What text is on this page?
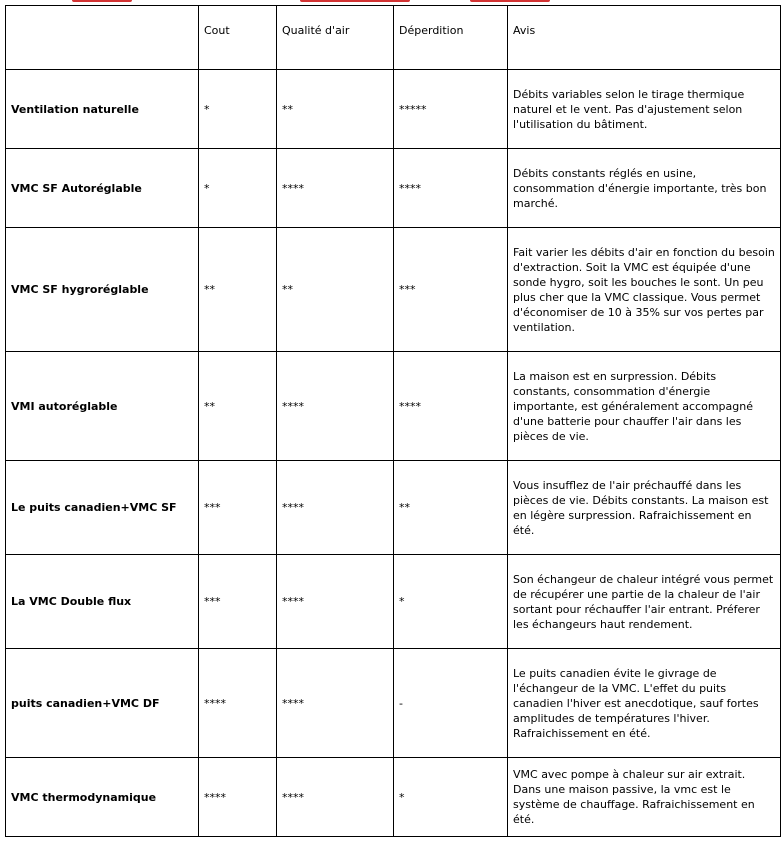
	Cout	Qualité d'air	Déperdition	Avis
Ventilation naturelle	*	**	*****	Débits variables selon le tirage thermique naturel et le vent. Pas d'ajustement selon l'utilisation du bâtiment.
VMC SF Autoréglable	*	****	****	Débits constants réglés en usine, consommation d'énergie importante, très bon marché.
VMC SF hygroréglable	**	**	***	Fait varier les débits d'air en fonction du besoin d'extraction. Soit la VMC est équipée d'une sonde hygro, soit les bouches le sont. Un peu plus cher que la VMC classique. Vous permet d'économiser de 10 à 35% sur vos pertes par ventilation.
VMI autoréglable	**	****	****	La maison est en surpression. Débits constants, consommation d'énergie importante, est généralement accompagné d'une batterie pour chauffer l'air dans les pièces de vie.
Le puits canadien+VMC SF	***	****	**	Vous insufflez de l'air préchauffé dans les pièces de vie. Débits constants. La maison est en légère surpression. Rafraichissement en été.
La VMC Double flux	***	****	*	Son échangeur de chaleur intégré vous permet de récupérer une partie de la chaleur de l'air sortant pour réchauffer l'air entrant. Préferer les échangeurs haut rendement.
puits canadien+VMC DF	****	****	-	Le puits canadien évite le givrage de l'échangeur de la VMC. L'effet du puits canadien l'hiver est anecdotique, sauf fortes amplitudes de températures l'hiver. Rafraichissement en été.
VMC thermodynamique	****	****	*	VMC avec pompe à chaleur sur air extrait. Dans une maison passive, la vmc est le système de chauffage. Rafraichissement en été.
